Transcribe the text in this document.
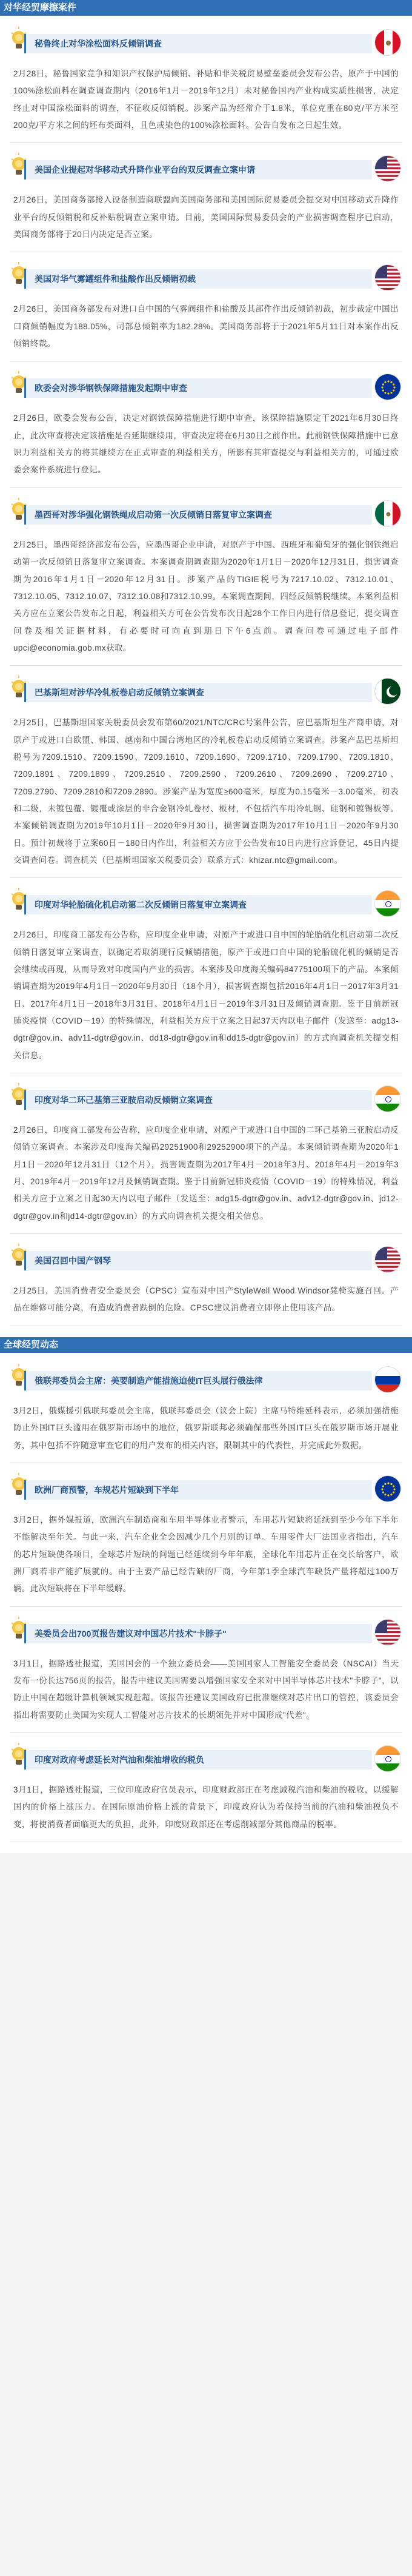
对华经贸摩擦案件
秘鲁终止对华涂松面料反倾销调查
2月28日，秘鲁国家竞争和知识产权保护局倾销、补贴和非关税贸易壁垒委员会发布公告，原产于中国的100%涂松面料在调查调查期内（2016年1月－2019年12月）未对秘鲁国内产业构成实质性损害，决定终止对中国涂松面料的调查，不征收反倾销税。涉案产品为经常介于1.8米，单位克重在80克/平方米至200克/平方米之间的坯布类面料，且色或染色的100%涂松面料。公告自发布之日起生效。
美国企业提起对华移动式升降作业平台的双反调查立案申请
2月26日，美国商务部接入设备制造商联盟向美国商务部和美国国际贸易委员会提交对中国移动式升降作业平台的反倾销税和反补贴税调查立案申请。目前，美国国际贸易委员会的产业损害调查程序已启动，美国商务部将于20日内决定是否立案。
美国对华气雾罐组件和盐酸作出反倾销初裁
2月26日，美国商务部发布对进口自中国的气雾阀组件和盐酸及其部件作出反倾销初裁，初步裁定中国出口商倾销幅度为188.05%，司部总倾销率为182.28%。美国商务部将于于2021年5月11日对本案作出反倾销终裁。
欧委会对涉华钢铁保障措施发起期中审查
2月26日，欧委会发布公告，决定对钢铁保障措施进行期中审查，该保障措施原定于2021年6月30日终止，此次审查将决定该措施是否延期继续用，审查决定将在6月30日之前作出。此前钢铁保障措施中已意识力利益相关方的将其继续方在正式审查的利益相关方，所影有其审查提交与利益相关方的，可通过欧委会案件系统进行登记。
墨西哥对涉华强化钢铁绳成启动第一次反倾销日落复审立案调查
2月25日，墨西哥经济部发布公告，应墨西哥企业申请，对原产于中国、西班牙和葡萄牙的强化钢铁绳启动第一次反倾销日落复审立案调查。本案调查期调查期为2020年1月1日－2020年12月31日，损害调查期为2016年1月1日－2020年12月31日。涉案产品的TIGIE税号为7217.10.02、7312.10.01、7312.10.05、7312.10.07、7312.10.08和7312.10.99。本案调查期间，四经反倾销税继续。本案利益相关方应在立案公告发布之日起，利益相关方可在公告发布次日起28个工作日内进行信息登记，提交调查问卷及相关证据材料，有必要时可向直到期日下午6点前。调查问卷可通过电子邮件upci@economia.gob.mx获取。
巴基斯坦对涉华冷轧板卷启动反倾销立案调查
2月25日，巴基斯坦国家关税委员会发布第60/2021/NTC/CRC号案件公告，应巴基斯坦生产商申请，对原产于或进口自欧盟、韩国、越南和中国台湾地区的冷轧板卷启动反倾销立案调查。涉案产品巴基斯坦税号为7209.1510、7209.1590、7209.1610、7209.1690、7209.1710、7209.1790、7209.1810、7209.1891、7209.1899、7209.2510、7209.2590、7209.2610、7209.2690、7209.2710、7209.2790、7209.2810和7209.2890。涉案产品为宽度≥600毫米，厚度为0.15毫米－3.00毫米，初表和二级，未镀包覆、镀覆或涂层的非合金钢冷轧卷材、板材，不包括汽车用冷轧钢、硅钢和镀锡板等。本案倾销调查期为2019年10月1日－2020年9月30日，损害调查期为2017年10月1日－2020年9月30日。预计初裁将于立案60日－180日内作出，利益相关方应于公告发布10日内进行应诉登记，45日内提交调查问卷。调查机关（巴基斯坦国家关税委员会）联系方式：khizar.ntc@gmail.com。
印度对华轮胎硫化机启动第二次反倾销日落复审立案调查
2月26日，印度商工部发布公告称，应印度企业申请，对原产于或进口自中国的轮胎硫化机启动第二次反倾销日落复审立案调查，以确定若取消现行反倾销措施，原产于或进口自中国的轮胎硫化机的倾销是否会继续或再现，从而导致对印度国内产业的损害。本案涉及印度海关编码84775100项下的产品。本案倾销调查期为2019年4月1日－2020年9月30日（18个月），损害调查期包括2016年4月1日－2017年3月31日、2017年4月1日－2018年3月31日、2018年4月1日－2019年3月31日及倾销调查期。鉴于目前新冠肺炎疫情（COVID－19）的特殊情况，利益相关方应于立案之日起37天内以电子邮件（发送至：adg13-dgtr@gov.in、adv11-dgtr@gov.in、dd18-dgtr@gov.in和dd15-dgtr@gov.in）的方式向调查机关提交相关信息。
印度对华二环己基第三亚胺启动反倾销立案调查
2月26日，印度商工部发布公告称，应印度企业申请，对原产于或进口自中国的二环己基第三亚胺启动反倾销立案调查。本案涉及印度海关编码29251900和29252900项下的产品。本案倾销调查期为2020年1月1日－2020年12月31日（12个月），损害调查期为2017年4月－2018年3月、2018年4月－2019年3月、2019年4月－2019年12月及倾销调查期。鉴于目前新冠肺炎疫情（COVID－19）的特殊情况，利益相关方应于立案之日起30天内以电子邮件（发送至：adg15-dgtr@gov.in、adv12-dgtr@gov.in、jd12-dgtr@gov.in和jd14-dgtr@gov.in）的方式向调查机关提交相关信息。
美国召回中国产钢琴
2月25日，美国消费者安全委员会（CPSC）宣布对中国产StyleWell Wood Windsor凳椅实施召回。产品在维修可能分离，有造成消费者跌倒的危险。CPSC建议消费者立即停止使用该产品。
全球经贸动态
俄联邦委员会主席：美要制造产能措施迫使IT巨头展行俄法律
3月2日，俄媒援引俄联邦委员会主席，俄联邦委员会（议会上院）主席马特维延科表示，必须加强措施防止外国IT巨头滥用在俄罗斯市场中的地位，俄罗斯联邦必须确保那些外国IT巨头在俄罗斯市场开展业务，其中包括不许随意审查它们的用户发布的相关内容，限制其中的代表性，并完成此外数据。
欧洲厂商预警，车规芯片短缺到下半年
3月2日，据外媒报道，欧洲汽车制造商和车用半导体业者警示，车用芯片短缺将延续到至少今年下半年不能解决至年关。与此一来，汽车企业全会因减少几个月别的订单。车用零件大厂法国业者指出，汽车的芯片短缺使各项目，全球芯片短缺的问题已经延续到今年年底，全球化车用芯片正在交长给客户，欧洲厂商若非产能扩展就的。由于主要产品已经告缺的厂商，今年第1季全球汽车缺货产量将超过100万辆。此次短缺将在下半年缓解。
美委员会出700页报告建议对中国芯片技术"卡脖子"
3月1日，据路透社报道，美国国会的一个独立委员会——美国国家人工智能安全委员会（NSCAI）当天发布一份长达756页的报告，报告中建议美国需要以增强国家安全来对中国半导体芯片技术"卡脖子"，以防止中国在超级计算机领域实现赶超。该报告还建议美国政府已批准继续对芯片出口的管控，该委员会指出将需要防止美国为实现人工智能对芯片技术的长期领先并对中国形成"代差"。
印度对政府考虑延长对汽油和柴油增收的税负
3月1日，据路透社报道，三位印度政府官员表示，印度财政部正在考虑减税汽油和柴油的税收，以缓解国内的价格上涨压力。在国际原油价格上涨的背景下，印度政府认为若保持当前的汽油和柴油税负不变，将使消费者面临更大的负担，此外，印度财政部还在考虑削减部分其他商品的税率。
